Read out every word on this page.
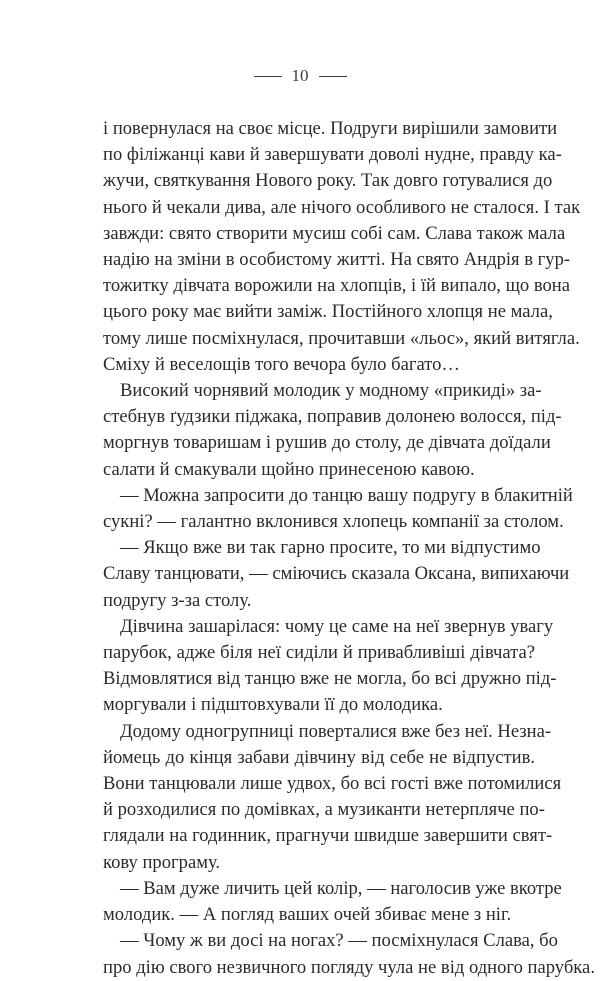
10
і повернулася на своє місце. Подруги вирішили замовити
по філіжанці кави й завершувати доволі нудне, правду ка-
жучи, святкування Нового року. Так довго готувалися до
нього й чекали дива, але нічого особливого не сталося. І так
завжди: свято створити мусиш собі сам. Слава також мала
надію на зміни в особистому житті. На свято Андрія в гур-
тожитку дівчата ворожили на хлопців, і їй випало, що вона
цього року має вийти заміж. Постійного хлопця не мала,
тому лише посміхнулася, прочитавши «льос», який витягла.
Сміху й веселощів того вечора було багато…
Високий чорнявий молодик у модному «прикиді» за-
стебнув ґудзики піджака, поправив долонею волосся, під-
моргнув товаришам і рушив до столу, де дівчата доїдали
салати й смакували щойно принесеною кавою.
— Можна запросити до танцю вашу подругу в блакитній
сукні? — галантно вклонився хлопець компанії за столом.
— Якщо вже ви так гарно просите, то ми відпустимо
Славу танцювати, — сміючись сказала Оксана, випихаючи
подругу з-за столу.
Дівчина зашарілася: чому це саме на неї звернув увагу
парубок, адже біля неї сиділи й привабливіші дівчата?
Відмовлятися від танцю вже не могла, бо всі дружно під-
моргували і підштовхували її до молодика.
Додому одногрупниці поверталися вже без неї. Незна-
йомець до кінця забави дівчину від себе не відпустив.
Вони танцювали лише удвох, бо всі гості вже потомилися
й розходилися по домівках, а музиканти нетерпляче по-
глядали на годинник, прагнучи швидше завершити свят-
кову програму.
— Вам дуже личить цей колір, — наголосив уже вкотре
молодик. — А погляд ваших очей збиває мене з ніг.
— Чому ж ви досі на ногах? — посміхнулася Слава, бо
про дію свого незвичного погляду чула не від одного парубка.
